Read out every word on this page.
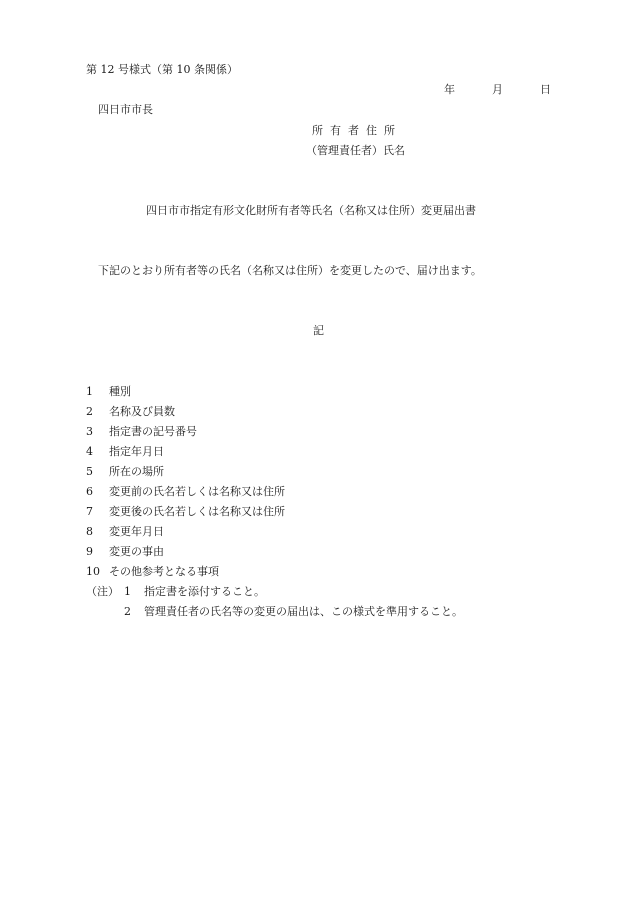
第 12 号様式（第 10 条関係）
年	月	日
四日市市長
所有者住所
（管理責任者）氏名
四日市市指定有形文化財所有者等氏名（名称又は住所）変更届出書
下記のとおり所有者等の氏名（名称又は住所）を変更したので、届け出ます。
記
1 種別
2 名称及び員数
3 指定書の記号番号
4 指定年月日
5 所在の場所
6 変更前の氏名若しくは名称又は住所
7 変更後の氏名若しくは名称又は住所
8 変更年月日
9 変更の事由
10 その他参考となる事項
（注） 1 指定書を添付すること。
2 管理責任者の氏名等の変更の届出は、この様式を準用すること。
